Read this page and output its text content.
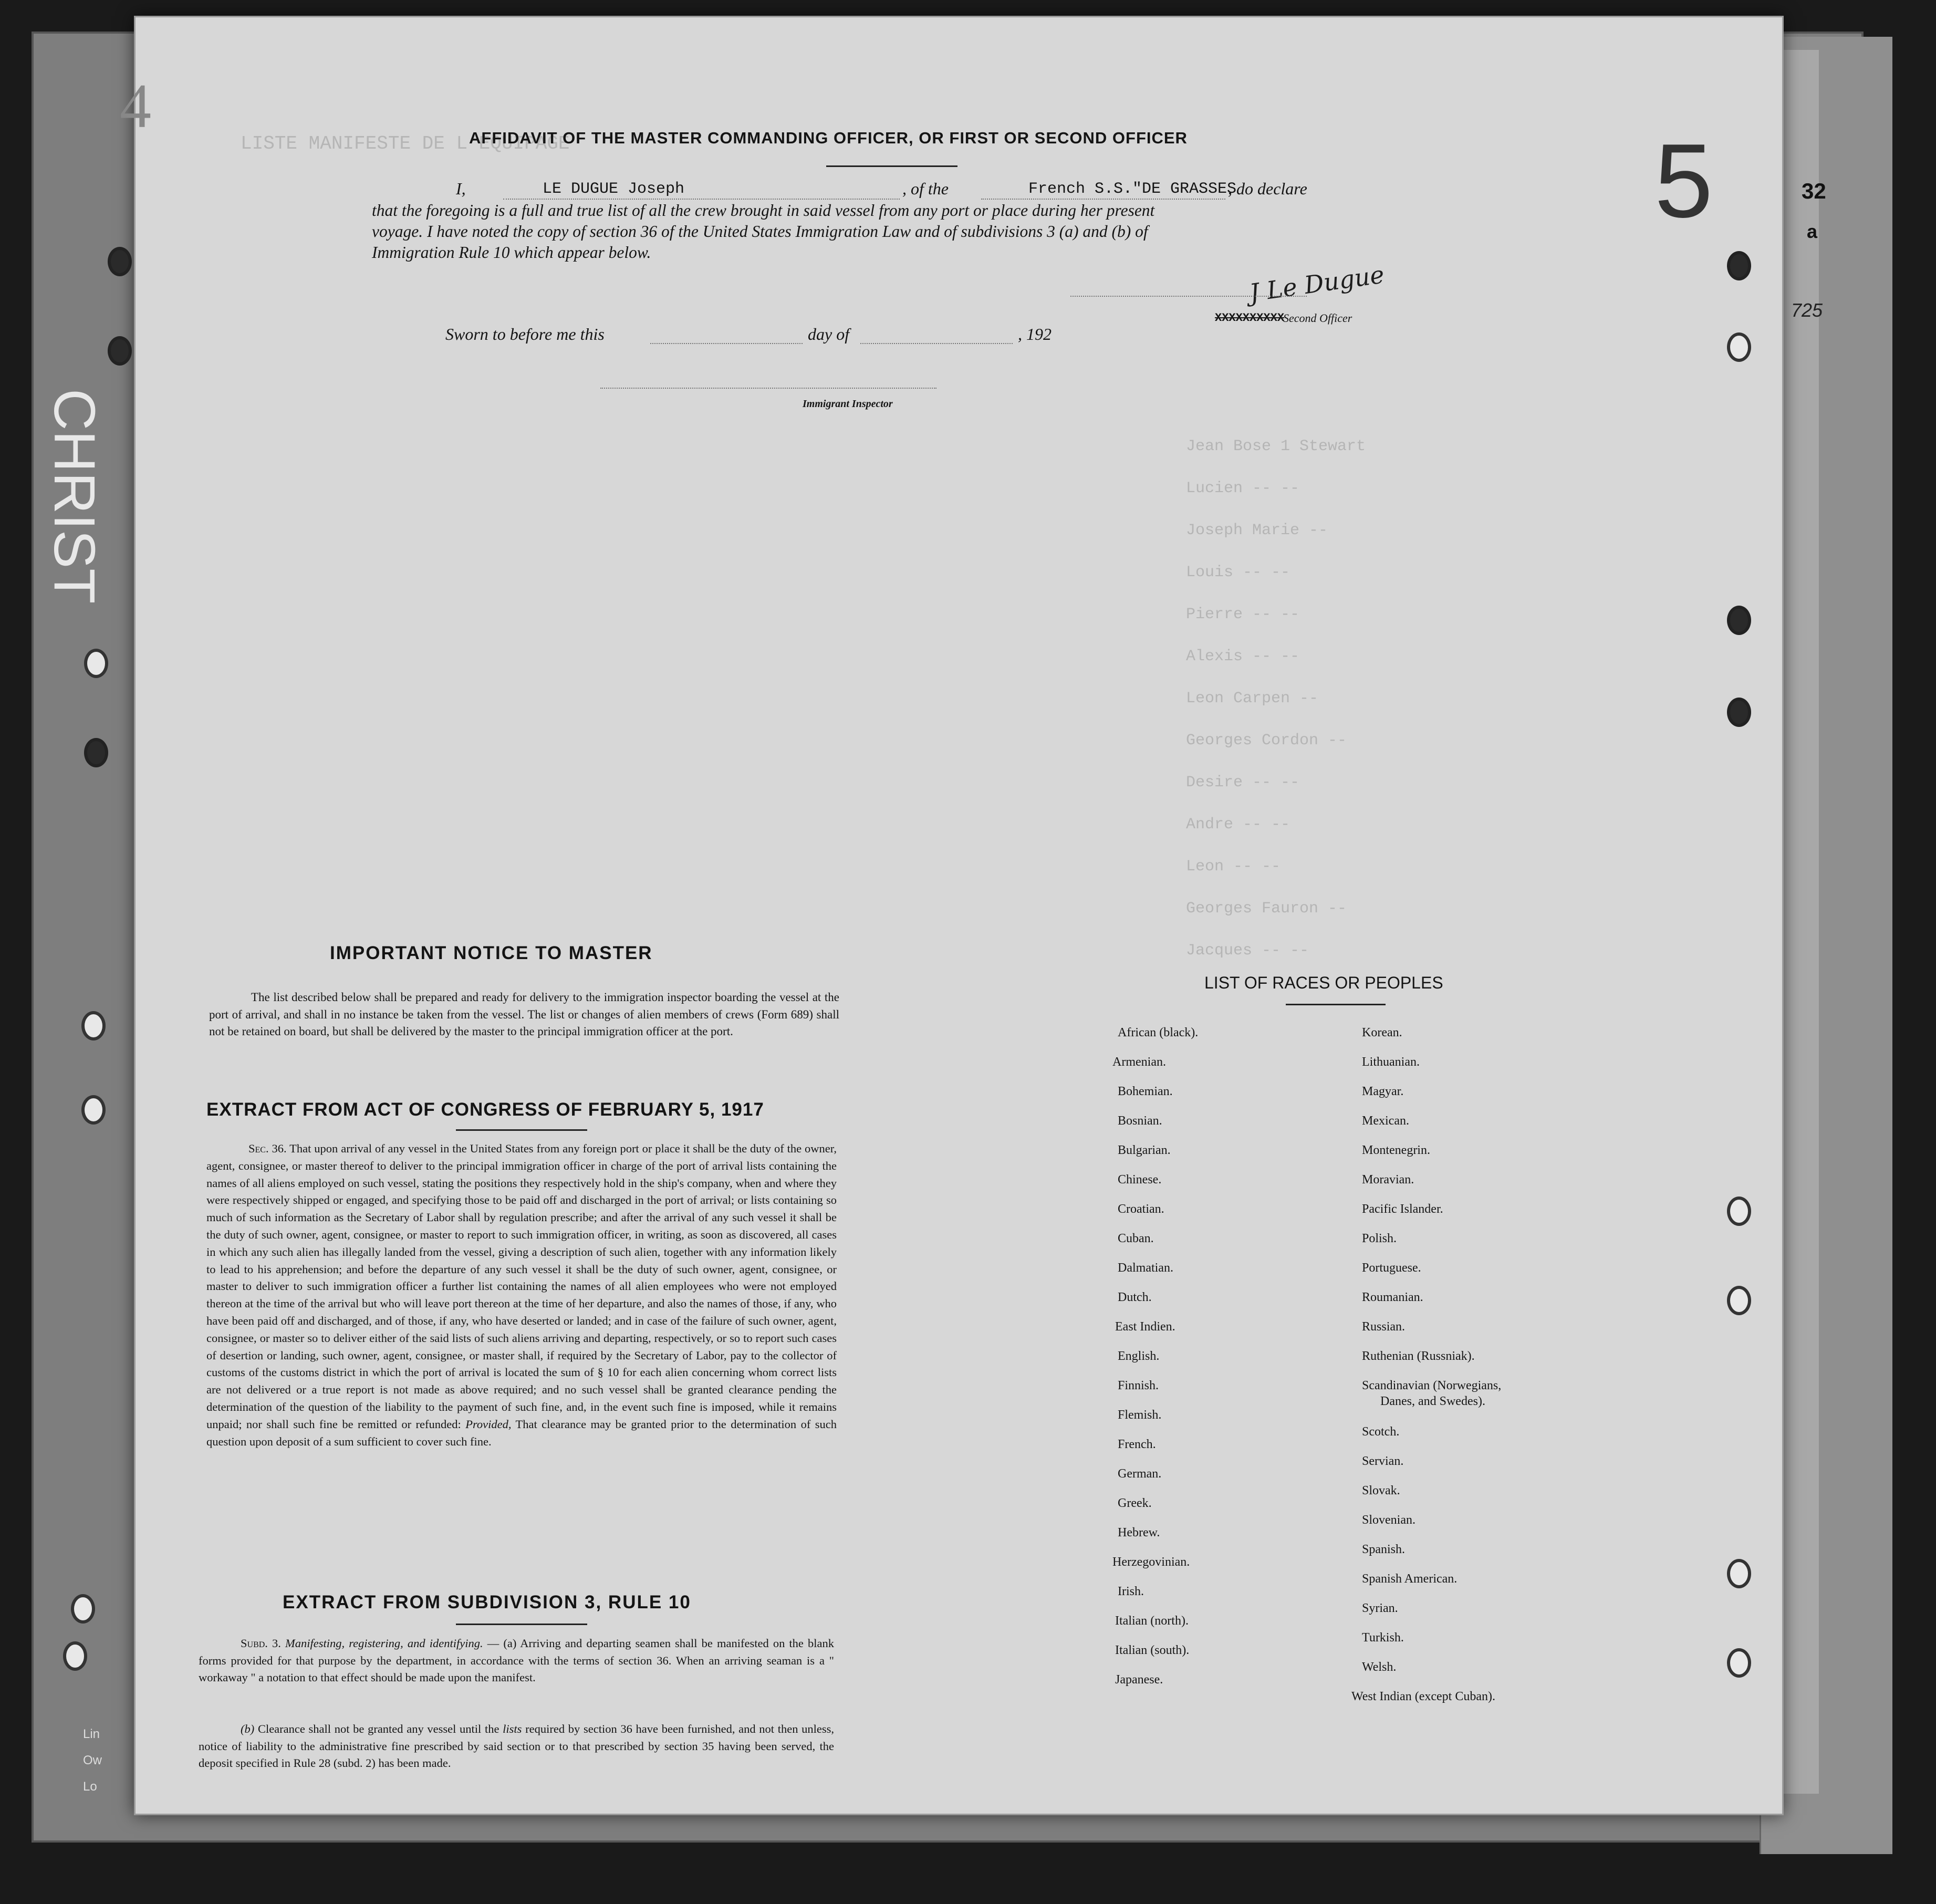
CHRIST
Lin
Ow
Lo
Jean Bose 1 Stewart
Lucien -- --
Joseph Marie --
Louis -- --
Pierre -- --
Alexis -- --
Leon Carpen --
Georges Cordon --
Desire -- --
Andre -- --
Leon -- --
Georges Fauron --
Jacques -- --
LISTE MANIFESTE DE L'EQUIPAGE
4	AFFIDAVIT OF THE MASTER COMMANDING OFFICER, OR FIRST OR SECOND OFFICER
I,	LE DUGUE Joseph	, of the	French S.S."DE GRASSES
, do declare
that the foregoing is a full and true list of all the crew brought in said vessel from any port or place during her present
voyage. I have noted the copy of section 36 of the United States Immigration Law and of subdivisions 3 (a) and (b) of
Immigration Rule 10 which appear below.
J Le Dugue
XXXXXXXXXX
Second Officer
Sworn to before me this	day of	, 192
Immigrant Inspector
IMPORTANT NOTICE TO MASTER
The list described below shall be prepared and ready for delivery to the immigration inspector boarding the vessel at the port of arrival, and shall in no instance be taken from the vessel. The list or changes of alien members of crews (Form 689) shall not be retained on board, but shall be delivered by the master to the principal immigration officer at the port.
EXTRACT FROM ACT OF CONGRESS OF FEBRUARY 5, 1917
Sec. 36. That upon arrival of any vessel in the United States from any foreign port or place it shall be the duty of the owner, agent, consignee, or master thereof to deliver to the principal immigration officer in charge of the port of arrival lists containing the names of all aliens employed on such vessel, stating the positions they respectively hold in the ship's company, when and where they were respectively shipped or engaged, and specifying those to be paid off and discharged in the port of arrival; or lists containing so much of such information as the Secretary of Labor shall by regulation prescribe; and after the arrival of any such vessel it shall be the duty of such owner, agent, consignee, or master to report to such immigration officer, in writing, as soon as discovered, all cases in which any such alien has illegally landed from the vessel, giving a description of such alien, together with any information likely to lead to his apprehension; and before the departure of any such vessel it shall be the duty of such owner, agent, consignee, or master to deliver to such immigration officer a further list containing the names of all alien employees who were not employed thereon at the time of the arrival but who will leave port thereon at the time of her departure, and also the names of those, if any, who have been paid off and discharged, and of those, if any, who have deserted or landed; and in case of the failure of such owner, agent, consignee, or master so to deliver either of the said lists of such aliens arriving and departing, respectively, or so to report such cases of desertion or landing, such owner, agent, consignee, or master shall, if required by the Secretary of Labor, pay to the collector of customs of the customs district in which the port of arrival is located the sum of § 10 for each alien concerning whom correct lists are not delivered or a true report is not made as above required; and no such vessel shall be granted clearance pending the determination of the question of the liability to the payment of such fine, and, in the event such fine is imposed, while it remains unpaid; nor shall such fine be remitted or refunded: Provided, That clearance may be granted prior to the determination of such question upon deposit of a sum sufficient to cover such fine.
EXTRACT FROM SUBDIVISION 3, RULE 10
Subd. 3. Manifesting, registering, and identifying. — (a) Arriving and departing seamen shall be manifested on the blank forms provided for that purpose by the department, in accordance with the terms of section 36. When an arriving seaman is a " workaway " a notation to that effect should be made upon the manifest.
(b) Clearance shall not be granted any vessel until the lists required by section 36 have been furnished, and not then unless, notice of liability to the administrative fine prescribed by said section or to that prescribed by section 35 having been served, the deposit specified in Rule 28 (subd. 2) has been made.
LIST OF RACES OR PEOPLES
African (black).
Armenian.
Bohemian.
Bosnian.
Bulgarian.
Chinese.
Croatian.
Cuban.
Dalmatian.
Dutch.
East Indien.
English.
Finnish.
Flemish.
French.
German.
Greek.
Hebrew.
Herzegovinian.
Irish.
Italian (north).
Italian (south).
Japanese.
Korean.
Lithuanian.
Magyar.
Mexican.
Montenegrin.
Moravian.
Pacific Islander.
Polish.
Portuguese.
Roumanian.
Russian.
Ruthenian (Russniak).
Scandinavian (Norwegians,
Danes, and Swedes).
Scotch.
Servian.
Slovak.
Slovenian.
Spanish.
Spanish American.
Syrian.
Turkish.
Welsh.
West Indian (except Cuban).
5	32
a
725
